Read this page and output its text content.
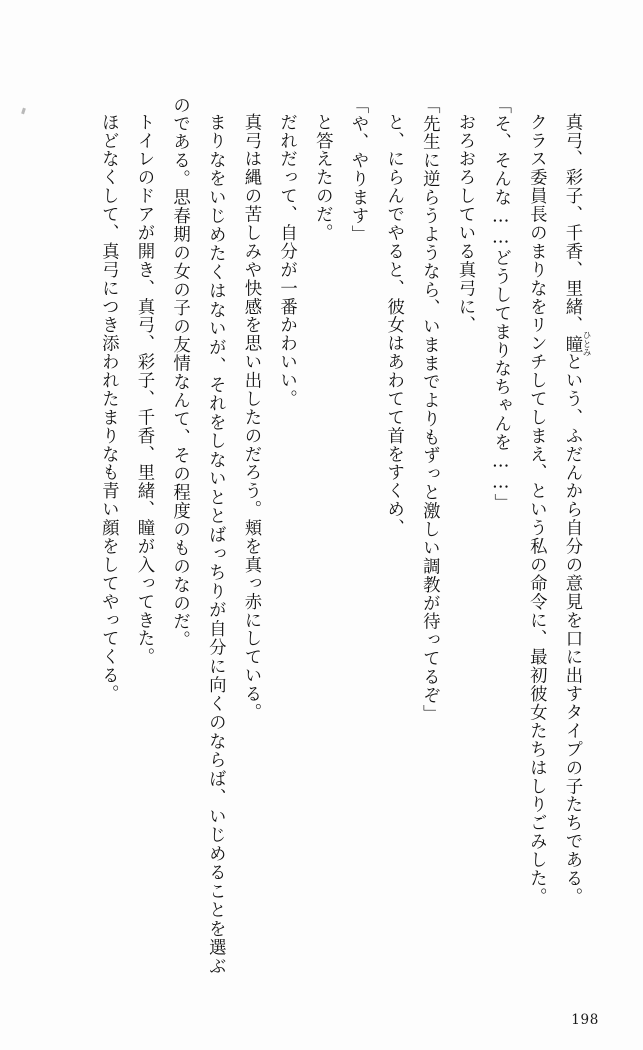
真弓、彩子、千香、里緒、瞳 ひとみという、ふだんから自分の意見を口に出すタイプの子たちである。

クラス委員長のまりなをリンチしてしまえ、という私の命令に、最初彼女たちはしりごみした。

「そ、そんな……どうしてまりなちゃんを……」

おろおろしている真弓に、

「先生に逆らうようなら、いままでよりもずっと激しい調教が待ってるぞ」

と、にらんでやると、彼女はあわてて首をすくめ、

「や、やります」

と答えたのだ。

だれだって、自分が一番かわいい。

真弓は縄の苦しみや快感を思い出したのだろう。頬を真っ赤にしている。

まりなをいじめたくはないが、それをしないととばっちりが自分に向くのならば、いじめることを選ぶのである。思春期の女の子の友情なんて、その程度のものなのだ。

トイレのドアが開き、真弓、彩子、千香、里緒、瞳が入ってきた。

ほどなくして、真弓につき添われたまりなも青い顔をしてやってくる。

198
